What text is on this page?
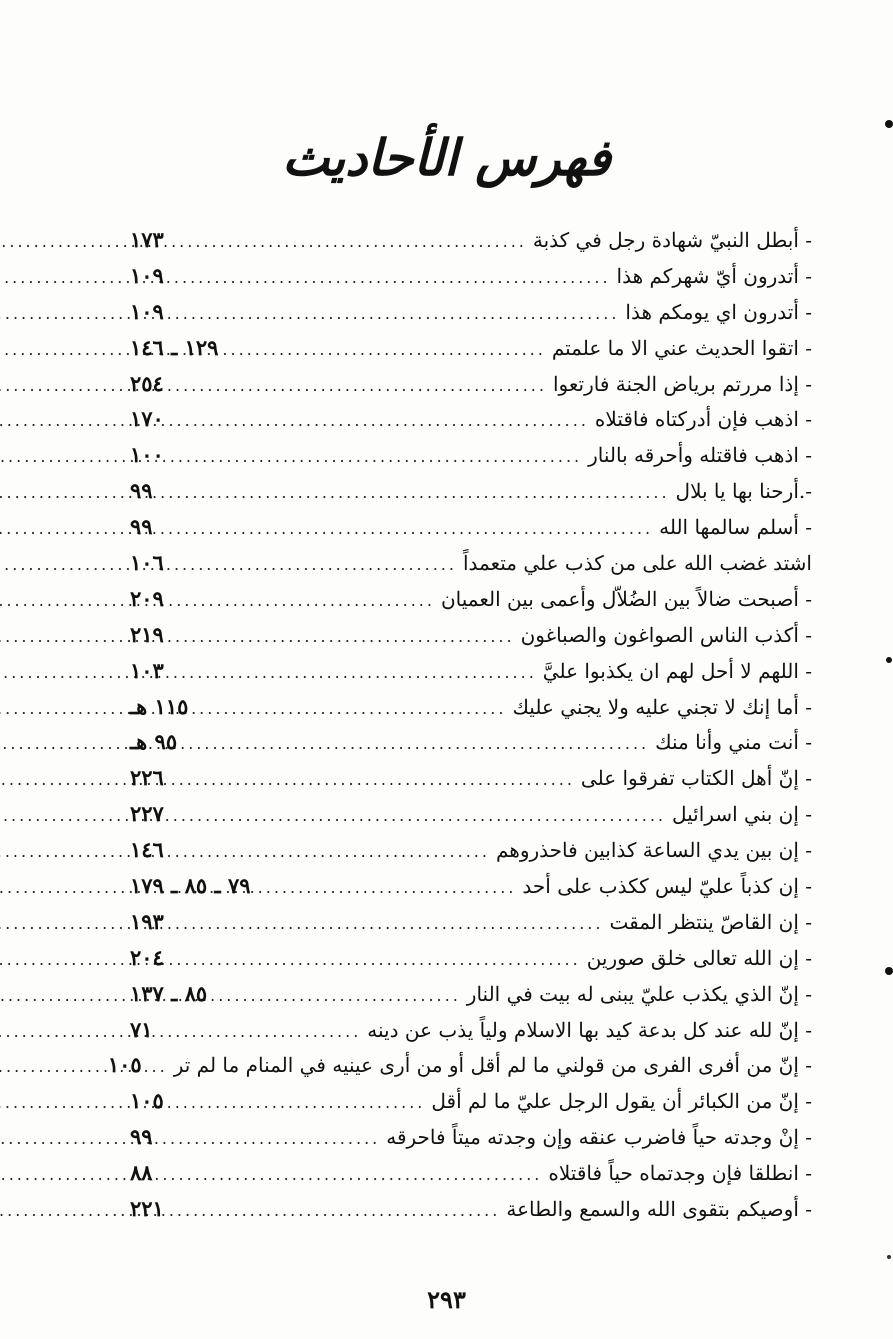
فهرس الأحاديث
- أبطل النبيّ شهادة رجل في كذبة
.....
١٧٣
- أتدرون أيّ شهركم هذا
.....
١٠٩
- أتدرون اي يومكم هذا
.....
١٠٩
- اتقوا الحديث عني الا ما علمتم
.....
١٢٩ ـ ١٤٦
- إذا مررتم برياض الجنة فارتعوا
.....
٢٥٤
- اذهب فإن أدركتاه فاقتلاه
.....
١٧٠
- اذهب فاقتله وأحرقه بالنار
.....
١٠٠
-.أرحنا بها يا بلال
.....
٩٩
- أسلم سالمها الله
.....
٩٩
اشتد غضب الله على من كذب علي متعمداً
.....
١٠٦
- أصبحت ضالاً بين الضُلاّل وأعمى بين العميان
.....
٢٠٩
- أكذب الناس الصواغون والصباغون
.....
٢١٩
- اللهم لا أحل لهم ان يكذبوا عليَّ
.....
١٠٣
- أما إنك لا تجني عليه ولا يجني عليك
.....
١١٥ هـ
- أنت مني وأنا منك
.....
٩٥ هـ
- إنّ أهل الكتاب تفرقوا على
.....
٢٢٦
- إن بني اسرائيل
.....
٢٢٧
- إن بين يدي الساعة كذابين فاحذروهم
.....
١٤٦
- إن كذباً عليّ ليس ككذب على أحد
.....
٧٩ ـ ٨٥ ـ ١٧٩
- إن القاصّ ينتظر المقت
.....
١٩٣
- إن الله تعالى خلق صورين
.....
٢٠٤
- إنّ الذي يكذب عليّ يبنى له بيت في النار
.....
٨٥ ـ ١٣٧
- إنّ لله عند كل بدعة كيد بها الاسلام ولياً يذب عن دينه
.....
٧١
- إنّ من أفرى الفرى من قولني ما لم أقل أو من أرى عينيه في المنام ما لم تر
.....
١٠٥
- إنّ من الكبائر أن يقول الرجل عليّ ما لم أقل
.....
١٠٥
- إنْ وجدته حياً فاضرب عنقه وإن وجدته ميتاً فاحرقه
.....
٩٩
- انطلقا فإن وجدتماه حياً فاقتلاه
.....
٨٨
- أوصيكم بتقوى الله والسمع والطاعة
.....
٢٢١
٢٩٣
